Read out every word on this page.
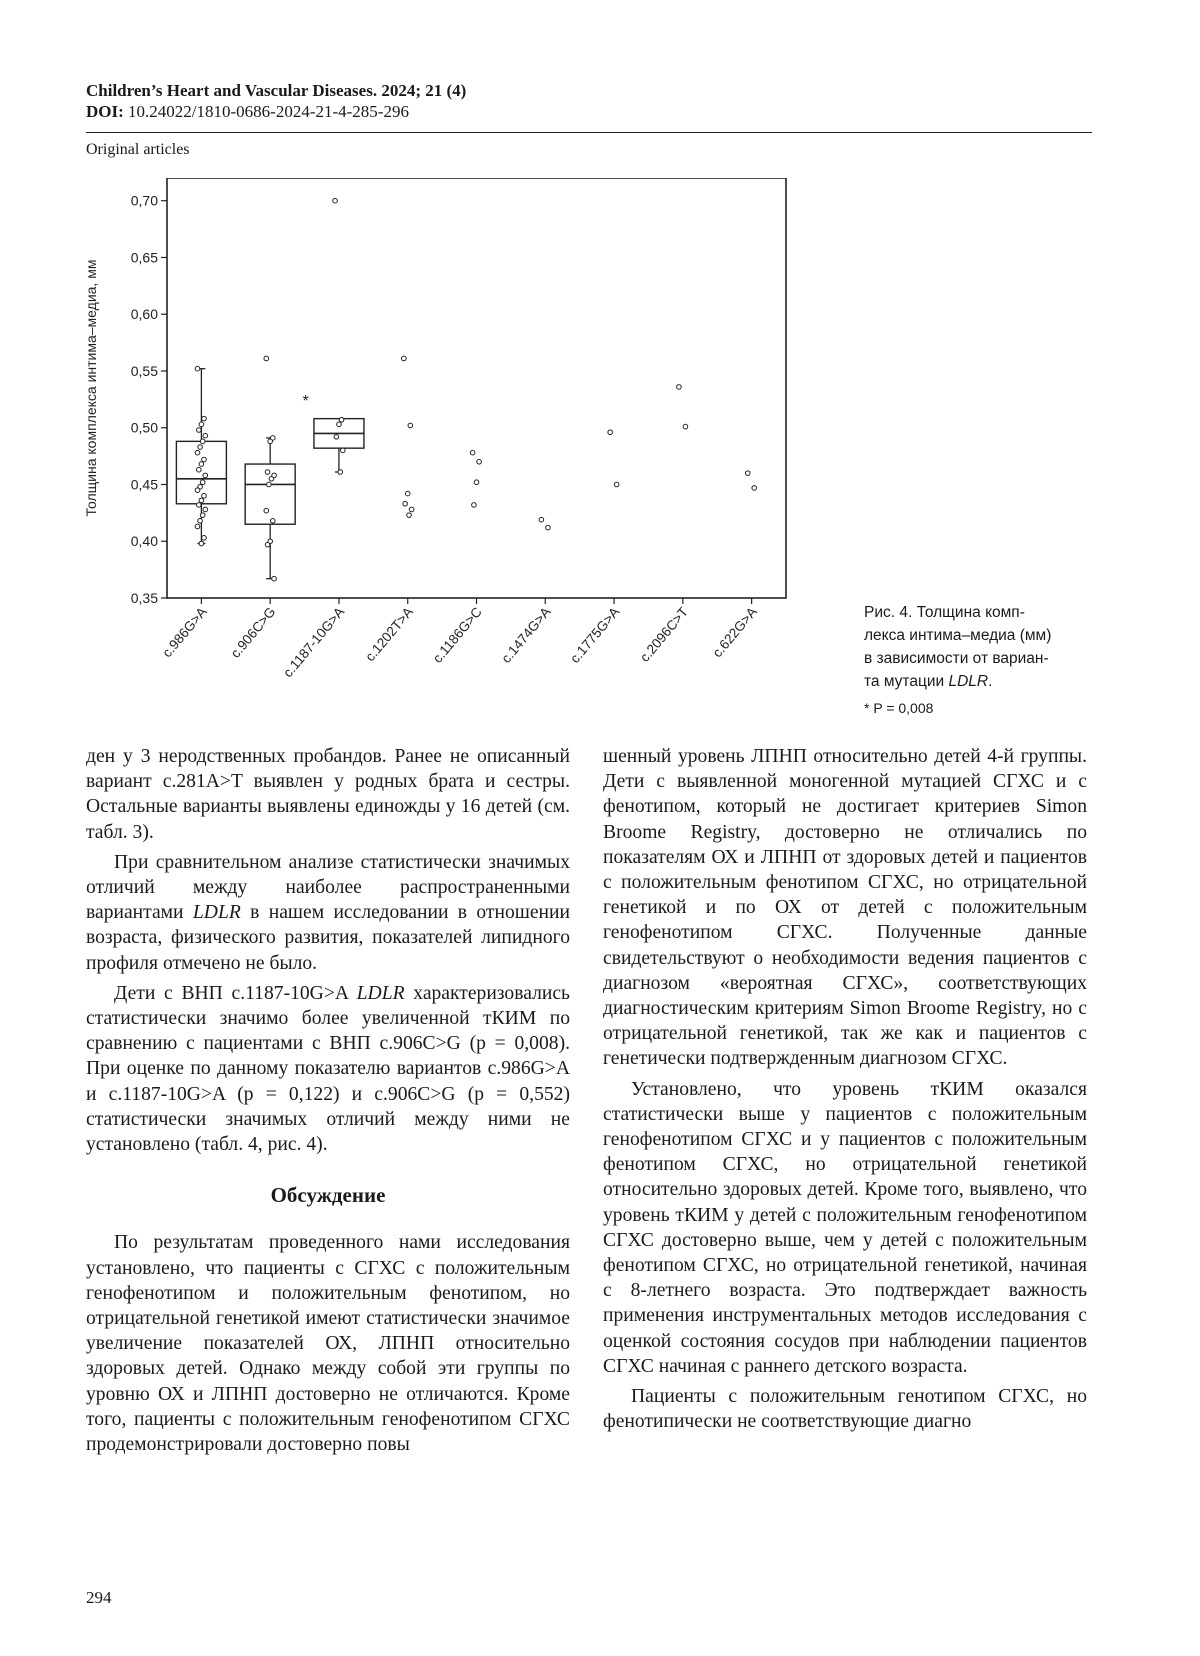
Children’s Heart and Vascular Diseases. 2024; 21 (4)
DOI: 10.24022/1810-0686-2024-21-4-285-296
Original articles
0,35
0,40
0,45
0,50
0,55
0,60
0,65
0,70
Толщина комплекса интима–медиа, мм
c.986G>A c.906C>G c.1187-10G>A c.1202T>A c.1186G>C c.1474G>A c.1775G>A c.2096C>T c.622G>A
*
Рис. 4. Толщина комп-
лекса интима–медиа (мм)
в зависимости от вариан-
та мутации LDLR.
* P = 0,008

ден у 3 неродственных пробандов. Ранее не описанный вариант c.281A>T выявлен у родных брата и сестры. Остальные варианты выявлены единожды у 16 детей (см. табл. 3).

При сравнительном анализе статистически значимых отличий между наиболее распространенными вариантами LDLR в нашем исследовании в отношении возраста, физического развития, показателей липидного профиля отмечено не было.

Дети с ВНП c.1187-10G>A LDLR характеризовались статистически значимо более увеличенной тКИМ по сравнению с пациентами с ВНП c.906C>G (p = 0,008). При оценке по данному показателю вариантов c.986G>A и c.1187-10G>A (p = 0,122) и c.906C>G (p = 0,552) статистически значимых отличий между ними не установлено (табл. 4, рис. 4).

Обсуждение

По результатам проведенного нами исследования установлено, что пациенты с СГХС с положительным генофенотипом и положительным фенотипом, но отрицательной генетикой имеют статистически значимое увеличение показателей ОХ, ЛПНП относительно здоровых детей. Однако между собой эти группы по уровню ОХ и ЛПНП достоверно не отличаются. Кроме того, пациенты с положительным генофенотипом СГХС продемонстрировали достоверно повы

шенный уровень ЛПНП относительно детей 4-й группы. Дети с выявленной моногенной мутацией СГХС и с фенотипом, который не достигает критериев Simon Broome Registry, достоверно не отличались по показателям ОХ и ЛПНП от здоровых детей и пациентов с положительным фенотипом СГХС, но отрицательной генетикой и по ОХ от детей с положительным генофенотипом СГХС. Полученные данные свидетельствуют о необходимости ведения пациентов с диагнозом «вероятная СГХС», соответствующих диагностическим критериям Simon Broome Registry, но с отрицательной генетикой, так же как и пациентов с генетически подтвержденным диагнозом СГХС.

Установлено, что уровень тКИМ оказался статистически выше у пациентов с положительным генофенотипом СГХС и у пациентов с положительным фенотипом СГХС, но отрицательной генетикой относительно здоровых детей. Кроме того, выявлено, что уровень тКИМ у детей с положительным генофенотипом СГХС достоверно выше, чем у детей с положительным фенотипом СГХС, но отрицательной генетикой, начиная с 8-летнего возраста. Это подтверждает важность применения инструментальных методов исследования с оценкой состояния сосудов при наблюдении пациентов СГХС начиная с раннего детского возраста.

Пациенты с положительным генотипом СГХС, но фенотипически не соответствующие диагно

294
